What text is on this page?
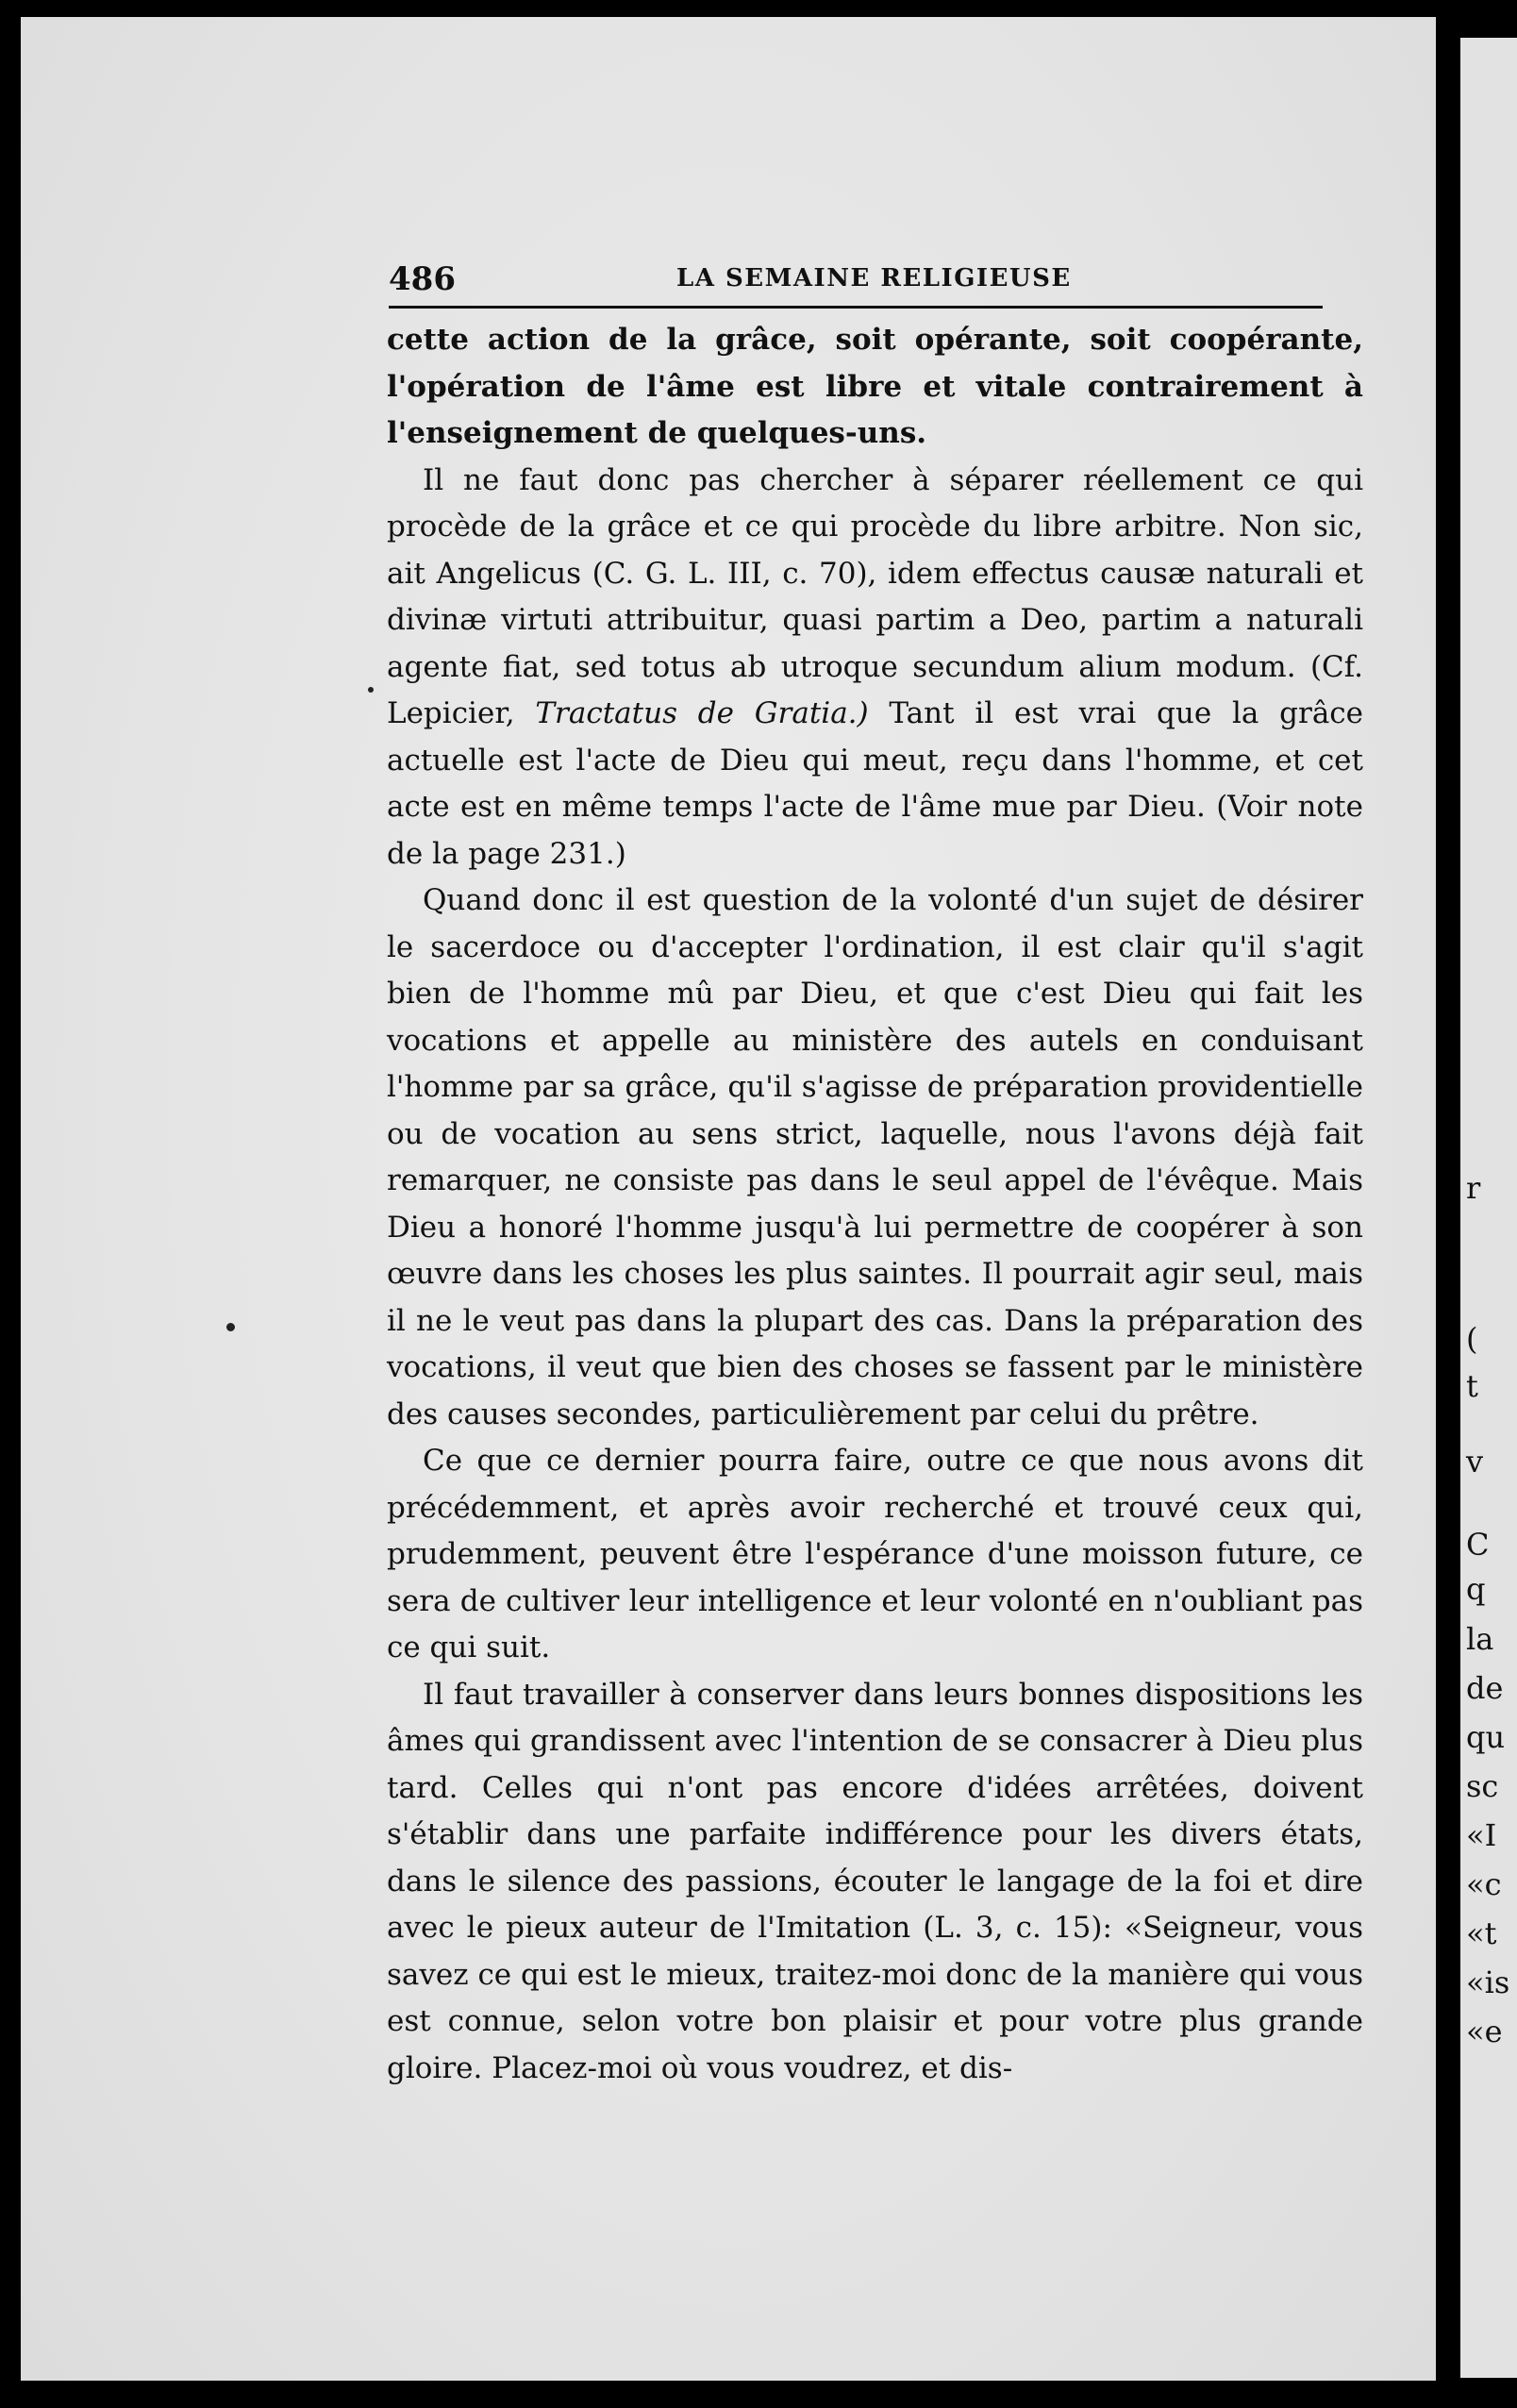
486	LA SEMAINE RELIGIEUSE

cette action de la grâce, soit opérante, soit coopérante, l'opération de l'âme est libre et vitale contrairement à l'enseignement de quelques-uns.

Il ne faut donc pas chercher à séparer réellement ce qui procède de la grâce et ce qui procède du libre arbitre. Non sic, ait Angelicus (C. G. L. III, c. 70), idem effectus causæ naturali et divinæ virtuti attribuitur, quasi partim a Deo, partim a naturali agente fiat, sed totus ab utroque secundum alium modum. (Cf. Lepicier, Tractatus de Gratia.) Tant il est vrai que la grâce actuelle est l'acte de Dieu qui meut, reçu dans l'homme, et cet acte est en même temps l'acte de l'âme mue par Dieu. (Voir note de la page 231.)

Quand donc il est question de la volonté d'un sujet de désirer le sacerdoce ou d'accepter l'ordination, il est clair qu'il s'agit bien de l'homme mû par Dieu, et que c'est Dieu qui fait les vocations et appelle au ministère des autels en conduisant l'homme par sa grâce, qu'il s'agisse de préparation providentielle ou de vocation au sens strict, laquelle, nous l'avons déjà fait remarquer, ne consiste pas dans le seul appel de l'évêque. Mais Dieu a honoré l'homme jusqu'à lui permettre de coopérer à son œuvre dans les choses les plus saintes. Il pourrait agir seul, mais il ne le veut pas dans la plupart des cas. Dans la préparation des vocations, il veut que bien des choses se fassent par le ministère des causes secondes, particulièrement par celui du prêtre.

Ce que ce dernier pourra faire, outre ce que nous avons dit précédemment, et après avoir recherché et trouvé ceux qui, prudemment, peuvent être l'espérance d'une moisson future, ce sera de cultiver leur intelligence et leur volonté en n'oubliant pas ce qui suit.

Il faut travailler à conserver dans leurs bonnes dispositions les âmes qui grandissent avec l'intention de se consacrer à Dieu plus tard. Celles qui n'ont pas encore d'idées arrêtées, doivent s'établir dans une parfaite indifférence pour les divers états, dans le silence des passions, écouter le langage de la foi et dire avec le pieux auteur de l'Imitation (L. 3, c. 15): «Seigneur, vous savez ce qui est le mieux, traitez-moi donc de la manière qui vous est connue, selon votre bon plaisir et pour votre plus grande gloire. Placez-moi où vous voudrez, et dis-

r
(
t
v
C
q
la
de
qu
sc
«I
«c
«t
«is
«e
